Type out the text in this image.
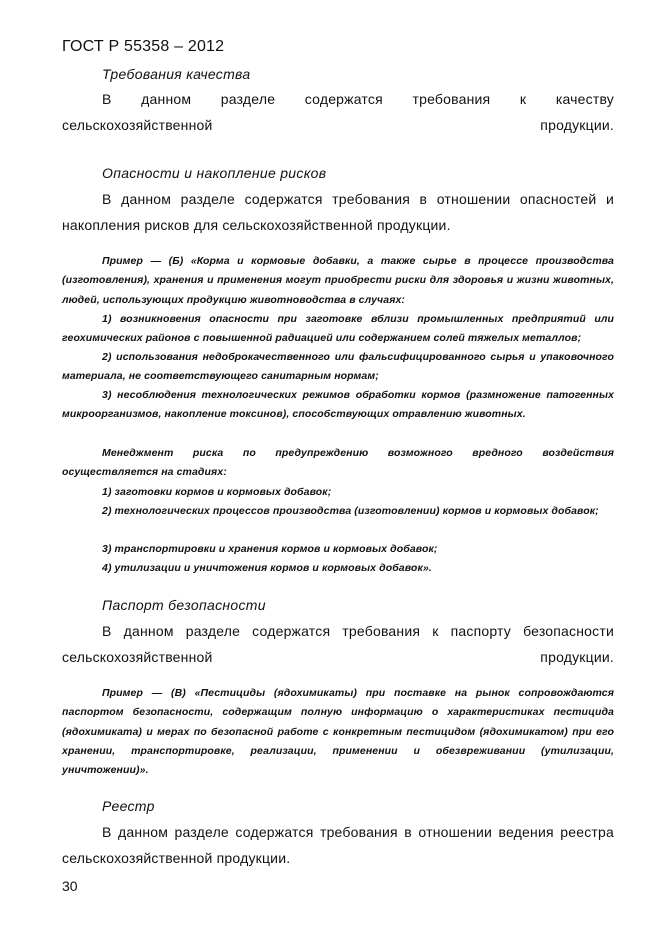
ГОСТ Р 55358 – 2012
Требования качества
В данном разделе содержатся требования к качеству сельскохозяйственной продукции.
Опасности и накопление рисков
В данном разделе содержатся требования в отношении опасностей и накопления рисков для сельскохозяйственной продукции.
Пример — (Б) «Корма и кормовые добавки, а также сырье в процессе производства (изготовления), хранения и применения могут приобрести риски для здоровья и жизни животных, людей, использующих продукцию животноводства в случаях:
1) возникновения опасности при заготовке вблизи промышленных предприятий или геохимических районов с повышенной радиацией или содержанием солей тяжелых металлов;
2) использования недоброкачественного или фальсифицированного сырья и упаковочного материала, не соответствующего санитарным нормам;
3) несоблюдения технологических режимов обработки кормов (размножение патогенных микроорганизмов, накопление токсинов), способствующих отравлению животных.
Менеджмент риска по предупреждению возможного вредного воздействия осуществляется на стадиях:
1) заготовки кормов и кормовых добавок;
2) технологических процессов производства (изготовлении) кормов и кормовых добавок;
3) транспортировки и хранения кормов и кормовых добавок;
4) утилизации и уничтожения кормов и кормовых добавок».
Паспорт безопасности
В данном разделе содержатся требования к паспорту безопасности сельскохозяйственной продукции.
Пример — (В) «Пестициды (ядохимикаты) при поставке на рынок сопровождаются паспортом безопасности, содержащим полную информацию о характеристиках пестицида (ядохимиката) и мерах по безопасной работе с конкретным пестицидом (ядохимикатом) при его хранении, транспортировке, реализации, применении и обезвреживании (утилизации, уничтожении)».
Реестр
В данном разделе содержатся требования в отношении ведения реестра сельскохозяйственной продукции.
30
